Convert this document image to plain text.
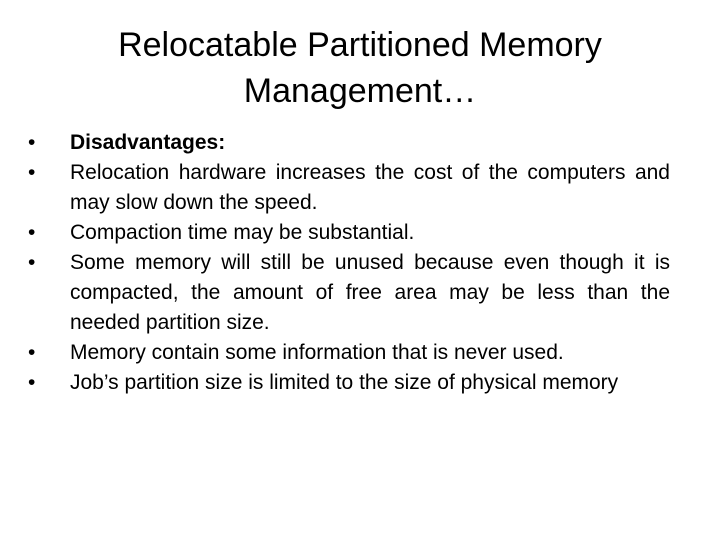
Relocatable Partitioned Memory Management…
•	Disadvantages:
•	Relocation hardware increases the cost of the computers and may slow down the speed.
•	Compaction time may be substantial.
•	Some memory will still be unused because even though it is compacted, the amount of free area may be less than the needed partition size.
•	Memory contain some information that is never used.
•	Job’s partition size is limited to the size of physical memory
